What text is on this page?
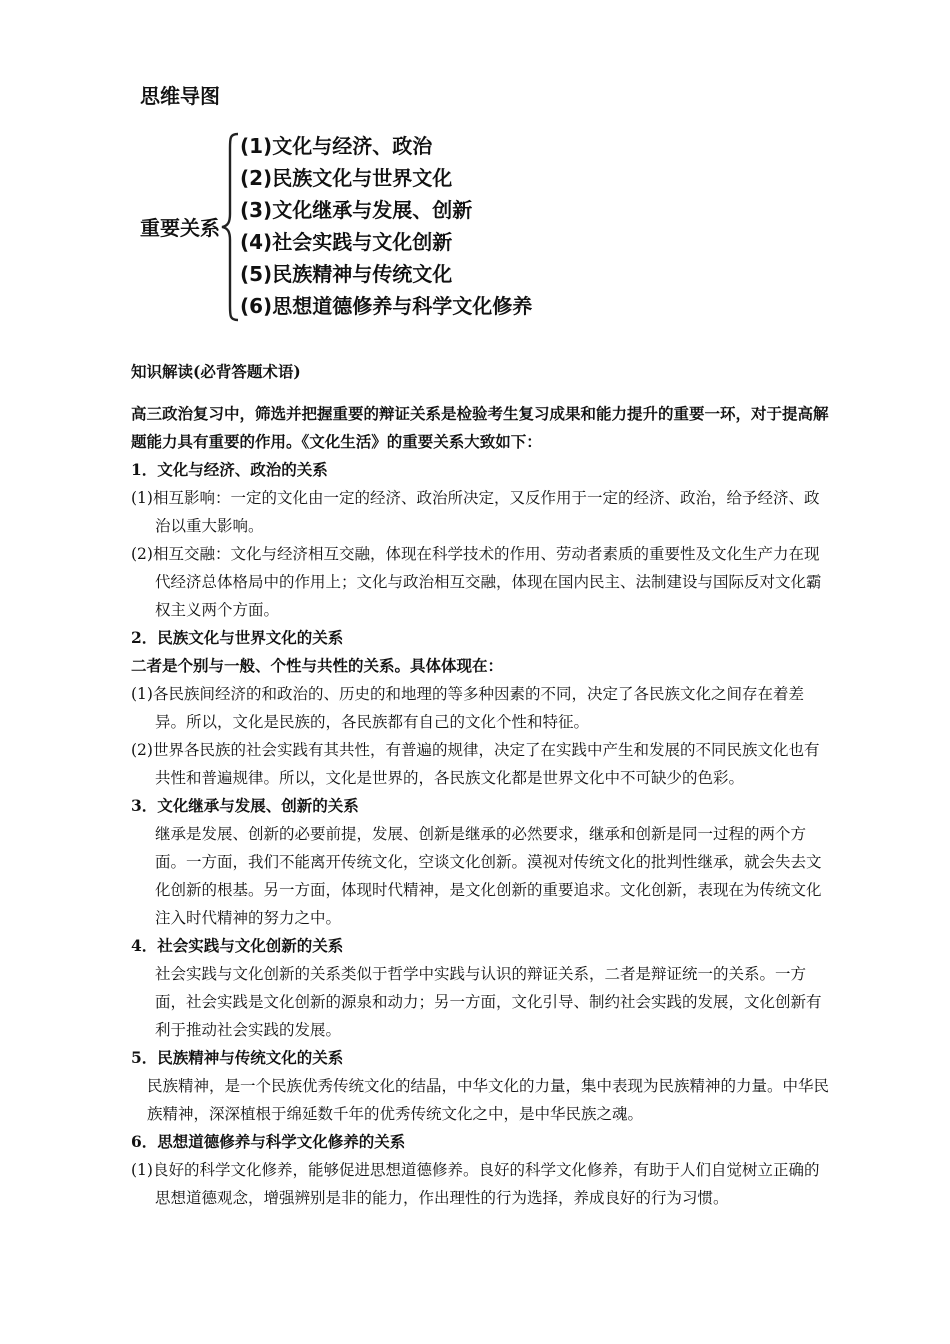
思维导图
重要关系
(1)文化与经济、政治
(2)民族文化与世界文化
(3)文化继承与发展、创新
(4)社会实践与文化创新
(5)民族精神与传统文化
(6)思想道德修养与科学文化修养

知识解读(必背答题术语)

高三政治复习中，筛选并把握重要的辩证关系是检验考生复习成果和能力提升的重要一环，对于提高解题能力具有重要的作用。《文化生活》的重要关系大致如下：

1．文化与经济、政治的关系

(1)相互影响：一定的文化由一定的经济、政治所决定，又反作用于一定的经济、政治，给予经济、政治以重大影响。

(2)相互交融：文化与经济相互交融，体现在科学技术的作用、劳动者素质的重要性及文化生产力在现代经济总体格局中的作用上；文化与政治相互交融，体现在国内民主、法制建设与国际反对文化霸权主义两个方面。

2．民族文化与世界文化的关系

二者是个别与一般、个性与共性的关系。具体体现在：

(1)各民族间经济的和政治的、历史的和地理的等多种因素的不同，决定了各民族文化之间存在着差异。所以，文化是民族的，各民族都有自己的文化个性和特征。

(2)世界各民族的社会实践有其共性，有普遍的规律，决定了在实践中产生和发展的不同民族文化也有共性和普遍规律。所以，文化是世界的，各民族文化都是世界文化中不可缺少的色彩。

3．文化继承与发展、创新的关系

继承是发展、创新的必要前提，发展、创新是继承的必然要求，继承和创新是同一过程的两个方面。一方面，我们不能离开传统文化，空谈文化创新。漠视对传统文化的批判性继承，就会失去文化创新的根基。另一方面，体现时代精神，是文化创新的重要追求。文化创新，表现在为传统文化注入时代精神的努力之中。

4．社会实践与文化创新的关系

社会实践与文化创新的关系类似于哲学中实践与认识的辩证关系，二者是辩证统一的关系。一方面，社会实践是文化创新的源泉和动力；另一方面，文化引导、制约社会实践的发展，文化创新有利于推动社会实践的发展。

5．民族精神与传统文化的关系

民族精神，是一个民族优秀传统文化的结晶，中华文化的力量，集中表现为民族精神的力量。中华民族精神，深深植根于绵延数千年的优秀传统文化之中，是中华民族之魂。

6．思想道德修养与科学文化修养的关系

(1)良好的科学文化修养，能够促进思想道德修养。良好的科学文化修养，有助于人们自觉树立正确的思想道德观念，增强辨别是非的能力，作出理性的行为选择，养成良好的行为习惯。
